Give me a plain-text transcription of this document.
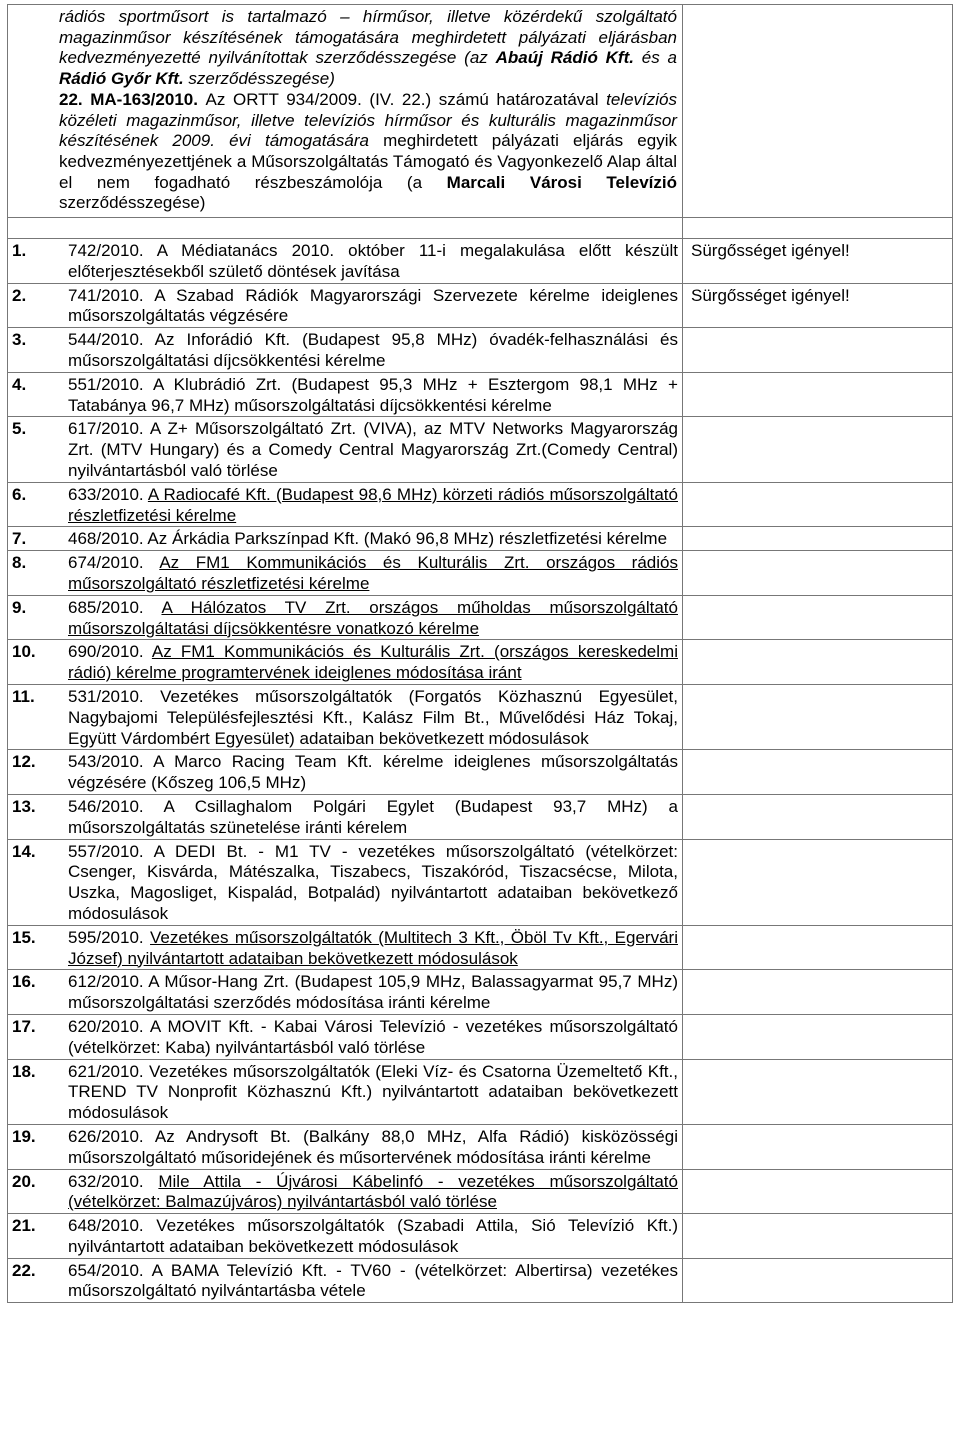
rádiós sportműsort is tartalmazó – hírműsor, illetve közérdekű szolgáltató magazinműsor készítésének támogatására meghirdetett pályázati eljárásban kedvezményezetté nyilvánítottak szerződésszegése (az Abaúj Rádió Kft. és a Rádió Győr Kft. szerződésszegése)
22. MA-163/2010. Az ORTT 934/2009. (IV. 22.) számú határozatával televíziós közéleti magazinműsor, illetve televíziós hírműsor és kulturális magazinműsor készítésének 2009. évi támogatására meghirdetett pályázati eljárás egyik kedvezményezettjének a Műsorszolgáltatás Támogató és Vagyonkezelő Alap által el nem fogadható részbeszámolója (a Marcali Városi Televízió szerződésszegése)	

1. 742/2010. A Médiatanács 2010. október 11-i megalakulása előtt készült előterjesztésekből születő döntések javítása	Sürgősséget igényel!

2. 741/2010. A Szabad Rádiók Magyarországi Szervezete kérelme ideiglenes műsorszolgáltatás végzésére	Sürgősséget igényel!

3. 544/2010. Az Inforádió Kft. (Budapest 95,8 MHz) óvadék-felhasználási és műsorszolgáltatási díjcsökkentési kérelme	

4. 551/2010. A Klubrádió Zrt. (Budapest 95,3 MHz + Esztergom 98,1 MHz + Tatabánya 96,7 MHz) műsorszolgáltatási díjcsökkentési kérelme	

5. 617/2010. A Z+ Műsorszolgáltató Zrt. (VIVA), az MTV Networks Magyarország Zrt. (MTV Hungary) és a Comedy Central Magyarország Zrt.(Comedy Central) nyilvántartásból való törlése	

6. 633/2010. A Radiocafé Kft. (Budapest 98,6 MHz) körzeti rádiós műsorszolgáltató részletfizetési kérelme	

7. 468/2010. Az Árkádia Parkszínpad Kft. (Makó 96,8 MHz) részletfizetési kérelme	

8. 674/2010. Az FM1 Kommunikációs és Kulturális Zrt. országos rádiós műsorszolgáltató részletfizetési kérelme	

9. 685/2010. A Hálózatos TV Zrt. országos műholdas műsorszolgáltató műsorszolgáltatási díjcsökkentésre vonatkozó kérelme	

10. 690/2010. Az FM1 Kommunikációs és Kulturális Zrt. (országos kereskedelmi rádió) kérelme programtervének ideiglenes módosítása iránt	

11. 531/2010. Vezetékes műsorszolgáltatók (Forgatós Közhasznú Egyesület, Nagybajomi Településfejlesztési Kft., Kalász Film Bt., Művelődési Ház Tokaj, Együtt Várdombért Egyesület) adataiban bekövetkezett módosulások	

12. 543/2010. A Marco Racing Team Kft. kérelme ideiglenes műsorszolgáltatás végzésére (Kőszeg 106,5 MHz)	

13. 546/2010. A Csillaghalom Polgári Egylet (Budapest 93,7 MHz) a műsorszolgáltatás szünetelése iránti kérelem	

14. 557/2010. A DEDI Bt. - M1 TV - vezetékes műsorszolgáltató (vételkörzet: Csenger, Kisvárda, Mátészalka, Tiszabecs, Tiszakóród, Tiszacsécse, Milota, Uszka, Magosliget, Kispalád, Botpalád) nyilvántartott adataiban bekövetkező módosulások	

15. 595/2010. Vezetékes műsorszolgáltatók (Multitech 3 Kft., Öböl Tv Kft., Egervári József) nyilvántartott adataiban bekövetkezett módosulások	

16. 612/2010. A Műsor-Hang Zrt. (Budapest 105,9 MHz, Balassagyarmat 95,7 MHz) műsorszolgáltatási szerződés módosítása iránti kérelme	

17. 620/2010. A MOVIT Kft. - Kabai Városi Televízió - vezetékes műsorszolgáltató (vételkörzet: Kaba) nyilvántartásból való törlése	

18. 621/2010. Vezetékes műsorszolgáltatók (Eleki Víz- és Csatorna Üzemeltető Kft., TREND TV Nonprofit Közhasznú Kft.) nyilvántartott adataiban bekövetkezett módosulások	

19. 626/2010. Az Andrysoft Bt. (Balkány 88,0 MHz, Alfa Rádió) kisközösségi műsorszolgáltató műsoridejének és műsortervének módosítása iránti kérelme	

20. 632/2010. Mile Attila - Újvárosi Kábelinfó - vezetékes műsorszolgáltató (vételkörzet: Balmazújváros) nyilvántartásból való törlése	

21. 648/2010. Vezetékes műsorszolgáltatók (Szabadi Attila, Sió Televízió Kft.) nyilvántartott adataiban bekövetkezett módosulások	

22. 654/2010. A BAMA Televízió Kft. - TV60 - (vételkörzet: Albertirsa) vezetékes műsorszolgáltató nyilvántartásba vétele	
